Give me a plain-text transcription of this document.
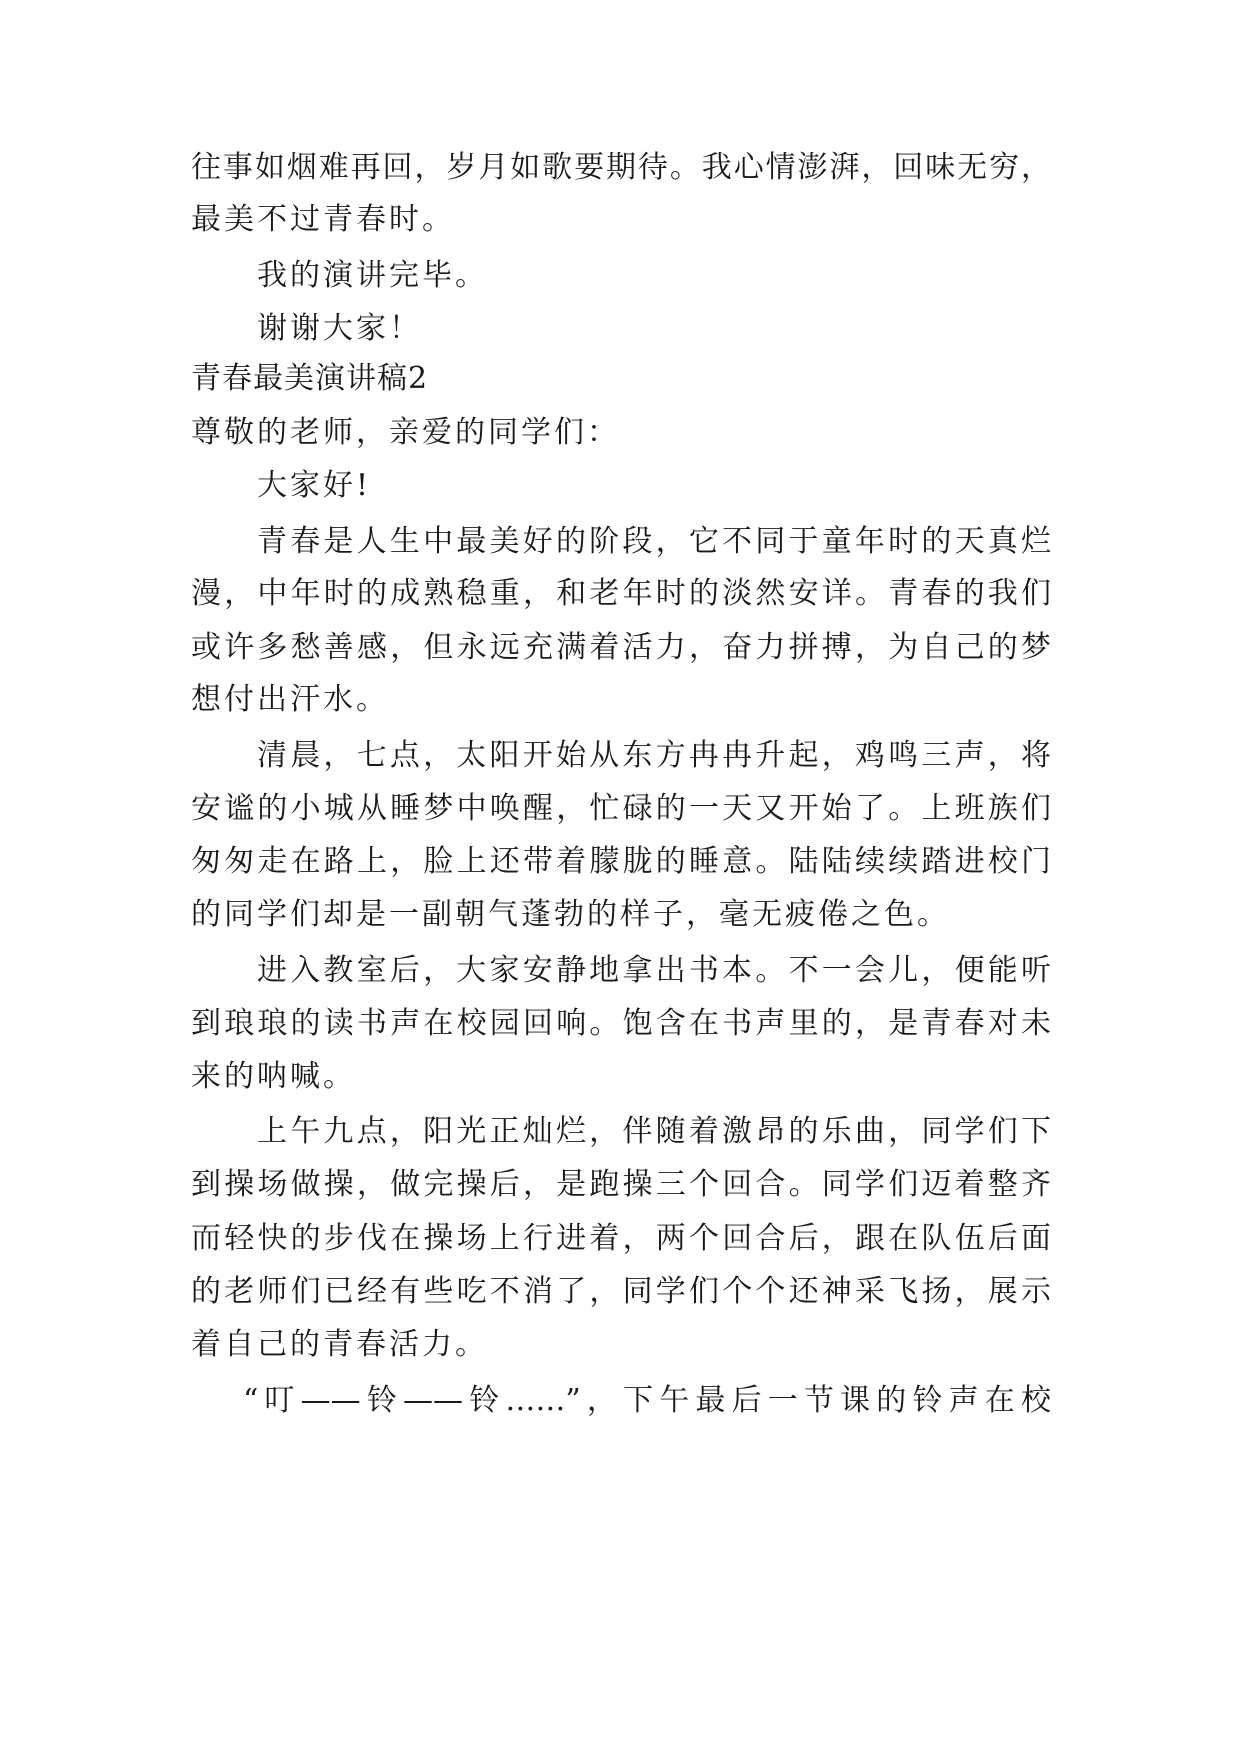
往事如烟难再回，岁月如歌要期待。我心情澎湃，回味无穷，
最美不过青春时。
我的演讲完毕。
谢谢大家！
青春最美演讲稿2
尊敬的老师，亲爱的同学们：
大家好!
青春是人生中最美好的阶段，它不同于童年时的天真烂
漫，中年时的成熟稳重，和老年时的淡然安详。青春的我们
或许多愁善感，但永远充满着活力，奋力拼搏，为自己的梦
想付出汗水。
清晨，七点，太阳开始从东方冉冉升起，鸡鸣三声，将
安谧的小城从睡梦中唤醒，忙碌的一天又开始了。上班族们
匆匆走在路上，脸上还带着朦胧的睡意。陆陆续续踏进校门
的同学们却是一副朝气蓬勃的样子，毫无疲倦之色。
进入教室后，大家安静地拿出书本。不一会儿，便能听
到琅琅的读书声在校园回响。饱含在书声里的，是青春对未
来的呐喊。
上午九点，阳光正灿烂，伴随着激昂的乐曲，同学们下
到操场做操，做完操后，是跑操三个回合。同学们迈着整齐
而轻快的步伐在操场上行进着，两个回合后，跟在队伍后面
的老师们已经有些吃不消了，同学们个个还神采飞扬，展示
着自己的青春活力。
“叮——铃——铃……”，下午最后一节课的铃声在校
